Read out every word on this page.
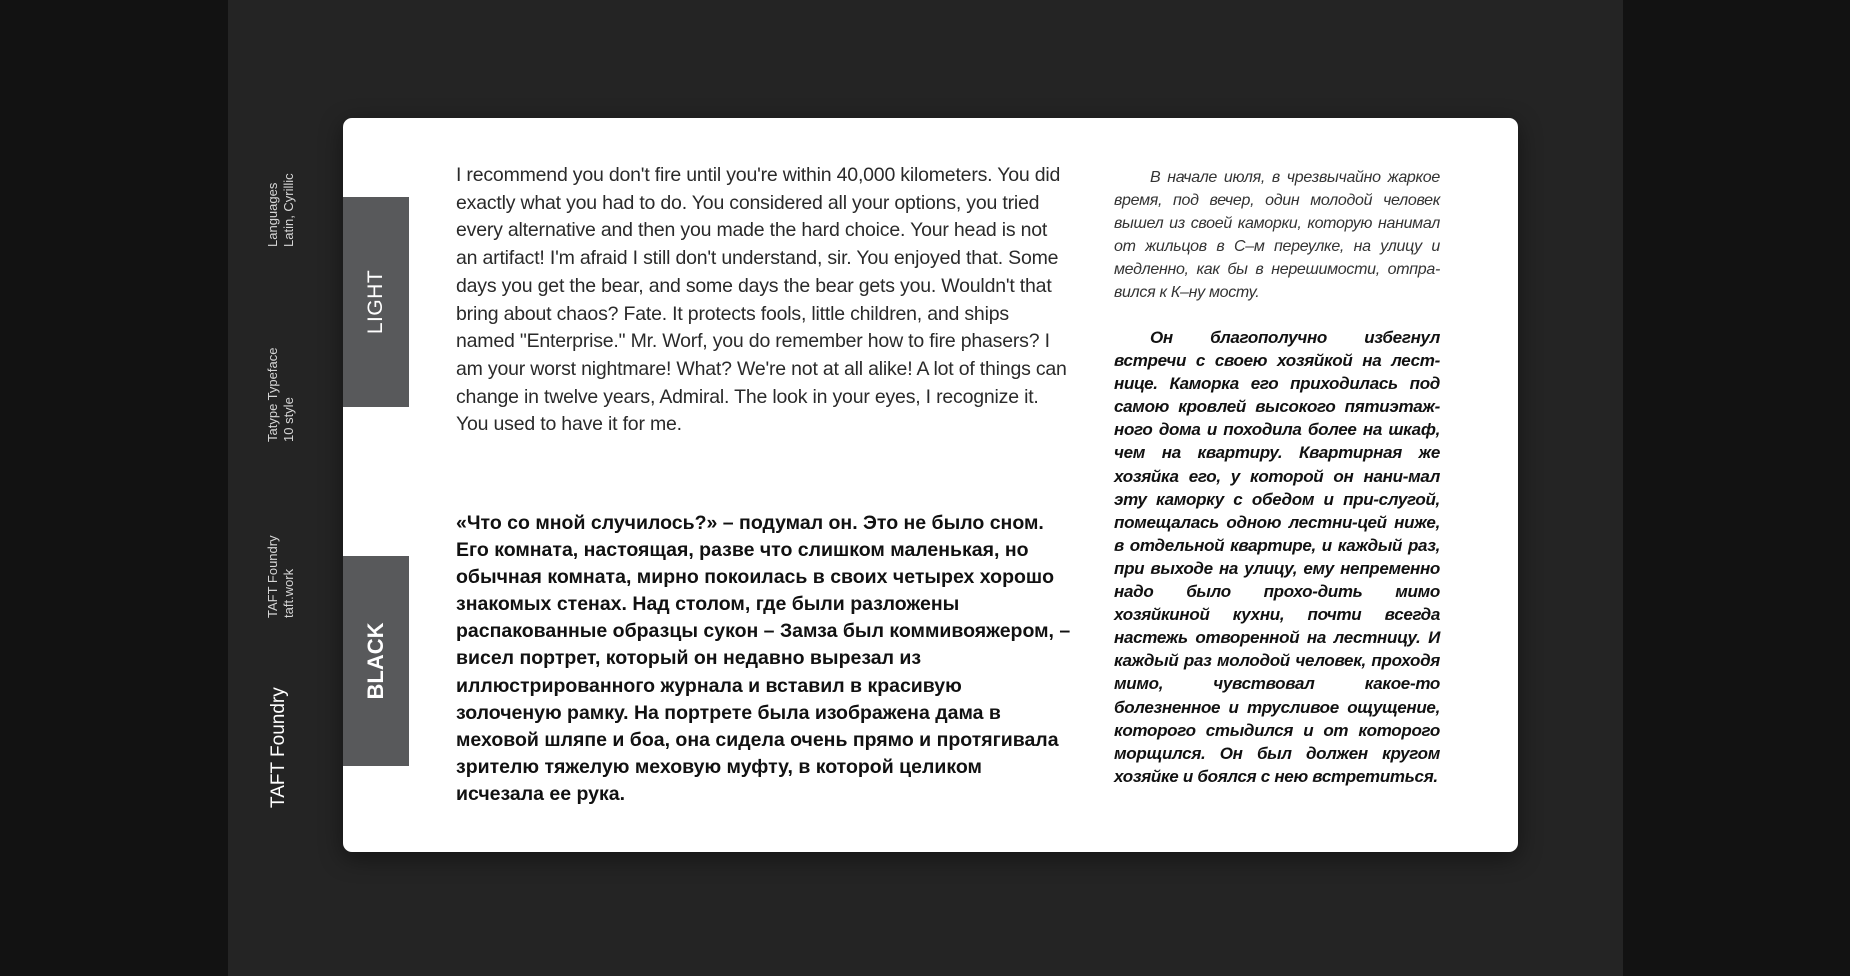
Languages Latin, Cyrillic
Tatype Typeface 10 style
TAFT Foundry taft.work
TAFT Foundry
LIGHT
BLACK

I recommend you don't fire until you're within 40,000 kilometers. You did exactly what you had to do. You considered all your options, you tried every alternative and then you made the hard choice. Your head is not an artifact! I'm afraid I still don't understand, sir. You enjoyed that. Some days you get the bear, and some days the bear gets you. Wouldn't that bring about chaos? Fate. It protects fools, little children, and ships named "Enterprise." Mr. Worf, you do remember how to fire phasers? I am your worst nightmare! What? We're not at all alike! A lot of things can change in twelve years, Admiral. The look in your eyes, I recognize it. You used to have it for me.

«Что со мной случилось?» – подумал он. Это не было сном. Его комната, настоящая, разве что слишком маленькая, но обычная комната, мирно покоилась в своих четырех хорошо знакомых стенах. Над столом, где были разложены распакованные образцы сукон – Замза был коммивояжером, – висел портрет, который он недавно вырезал из иллюстрированного журнала и вставил в красивую золоченую рамку. На портрете была изображена дама в меховой шляпе и боа, она сидела очень прямо и протягивала зрителю тяжелую меховую муфту, в которой целиком исчезала ее рука.

В начале июля, в чрезвычайно жаркое время, под вечер, один молодой человек вышел из своей каморки, которую нанимал от жильцов в С–м переулке, на улицу и медленно, как бы в нерешимости, отпра-вился к К–ну мосту.

Он благополучно избегнул встречи с своею хозяйкой на лест-нице. Каморка его приходилась под самою кровлей высокого пятиэтаж-ного дома и походила более на шкаф, чем на квартиру. Квартирная же хозяйка его, у которой он нани-мал эту каморку с обедом и при-слугой, помещалась одною лестни-цей ниже, в отдельной квартире, и каждый раз, при выходе на улицу, ему непременно надо было прохо-дить мимо хозяйкиной кухни, почти всегда настежь отворенной на лестницу. И каждый раз молодой человек, проходя мимо, чувствовал какое-то болезненное и трусливое ощущение, которого стыдился и от которого морщился. Он был должен кругом хозяйке и боялся с нею встретиться.
